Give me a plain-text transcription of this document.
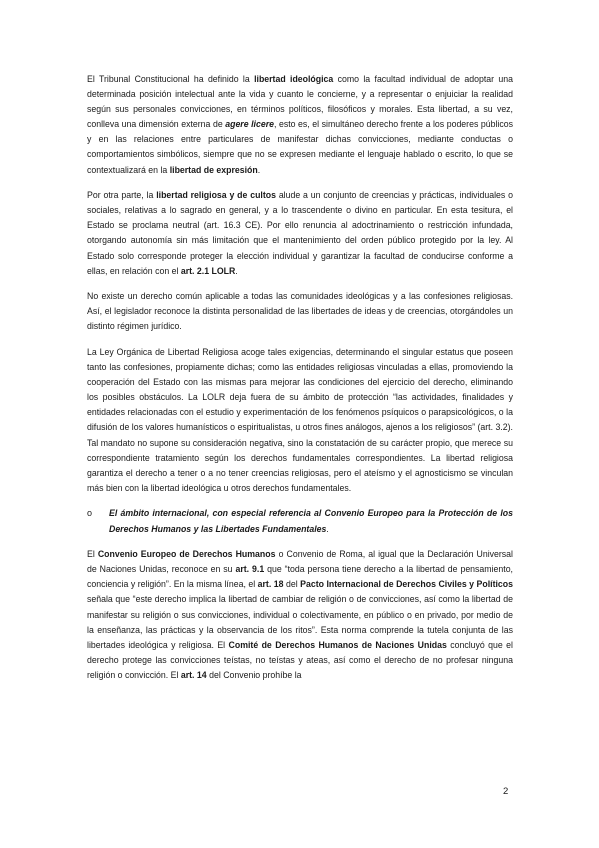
El Tribunal Constitucional ha definido la libertad ideológica como la facultad individual de adoptar una determinada posición intelectual ante la vida y cuanto le concierne, y a representar o enjuiciar la realidad según sus personales convicciones, en términos políticos, filosóficos y morales. Esta libertad, a su vez, conlleva una dimensión externa de agere licere, esto es, el simultáneo derecho frente a los poderes públicos y en las relaciones entre particulares de manifestar dichas convicciones, mediante conductas o comportamientos simbólicos, siempre que no se expresen mediante el lenguaje hablado o escrito, lo que se contextualizará en la libertad de expresión.

Por otra parte, la libertad religiosa y de cultos alude a un conjunto de creencias y prácticas, individuales o sociales, relativas a lo sagrado en general, y a lo trascendente o divino en particular. En esta tesitura, el Estado se proclama neutral (art. 16.3 CE). Por ello renuncia al adoctrinamiento o restricción infundada, otorgando autonomía sin más limitación que el mantenimiento del orden público protegido por la ley. Al Estado solo corresponde proteger la elección individual y garantizar la facultad de conducirse conforme a ellas, en relación con el art. 2.1 LOLR.

No existe un derecho común aplicable a todas las comunidades ideológicas y a las confesiones religiosas. Así, el legislador reconoce la distinta personalidad de las libertades de ideas y de creencias, otorgándoles un distinto régimen jurídico.

La Ley Orgánica de Libertad Religiosa acoge tales exigencias, determinando el singular estatus que poseen tanto las confesiones, propiamente dichas; como las entidades religiosas vinculadas a ellas, promoviendo la cooperación del Estado con las mismas para mejorar las condiciones del ejercicio del derecho, eliminando los posibles obstáculos. La LOLR deja fuera de su ámbito de protección “las actividades, finalidades y entidades relacionadas con el estudio y experimentación de los fenómenos psíquicos o parapsicológicos, o la difusión de los valores humanísticos o espiritualistas, u otros fines análogos, ajenos a los religiosos” (art. 3.2). Tal mandato no supone su consideración negativa, sino la constatación de su carácter propio, que merece su correspondiente tratamiento según los derechos fundamentales correspondientes. La libertad religiosa garantiza el derecho a tener o a no tener creencias religiosas, pero el ateísmo y el agnosticismo se vinculan más bien con la libertad ideológica u otros derechos fundamentales.

o	El ámbito internacional, con especial referencia al Convenio Europeo para la Protección de los Derechos Humanos y las Libertades Fundamentales.

El Convenio Europeo de Derechos Humanos o Convenio de Roma, al igual que la Declaración Universal de Naciones Unidas, reconoce en su art. 9.1 que “toda persona tiene derecho a la libertad de pensamiento, conciencia y religión”. En la misma línea, el art. 18 del Pacto Internacional de Derechos Civiles y Políticos señala que “este derecho implica la libertad de cambiar de religión o de convicciones, así como la libertad de manifestar su religión o sus convicciones, individual o colectivamente, en público o en privado, por medio de la enseñanza, las prácticas y la observancia de los ritos”. Esta norma comprende la tutela conjunta de las libertades ideológica y religiosa. El Comité de Derechos Humanos de Naciones Unidas concluyó que el derecho protege las convicciones teístas, no teístas y ateas, así como el derecho de no profesar ninguna religión o convicción. El art. 14 del Convenio prohíbe la

2
